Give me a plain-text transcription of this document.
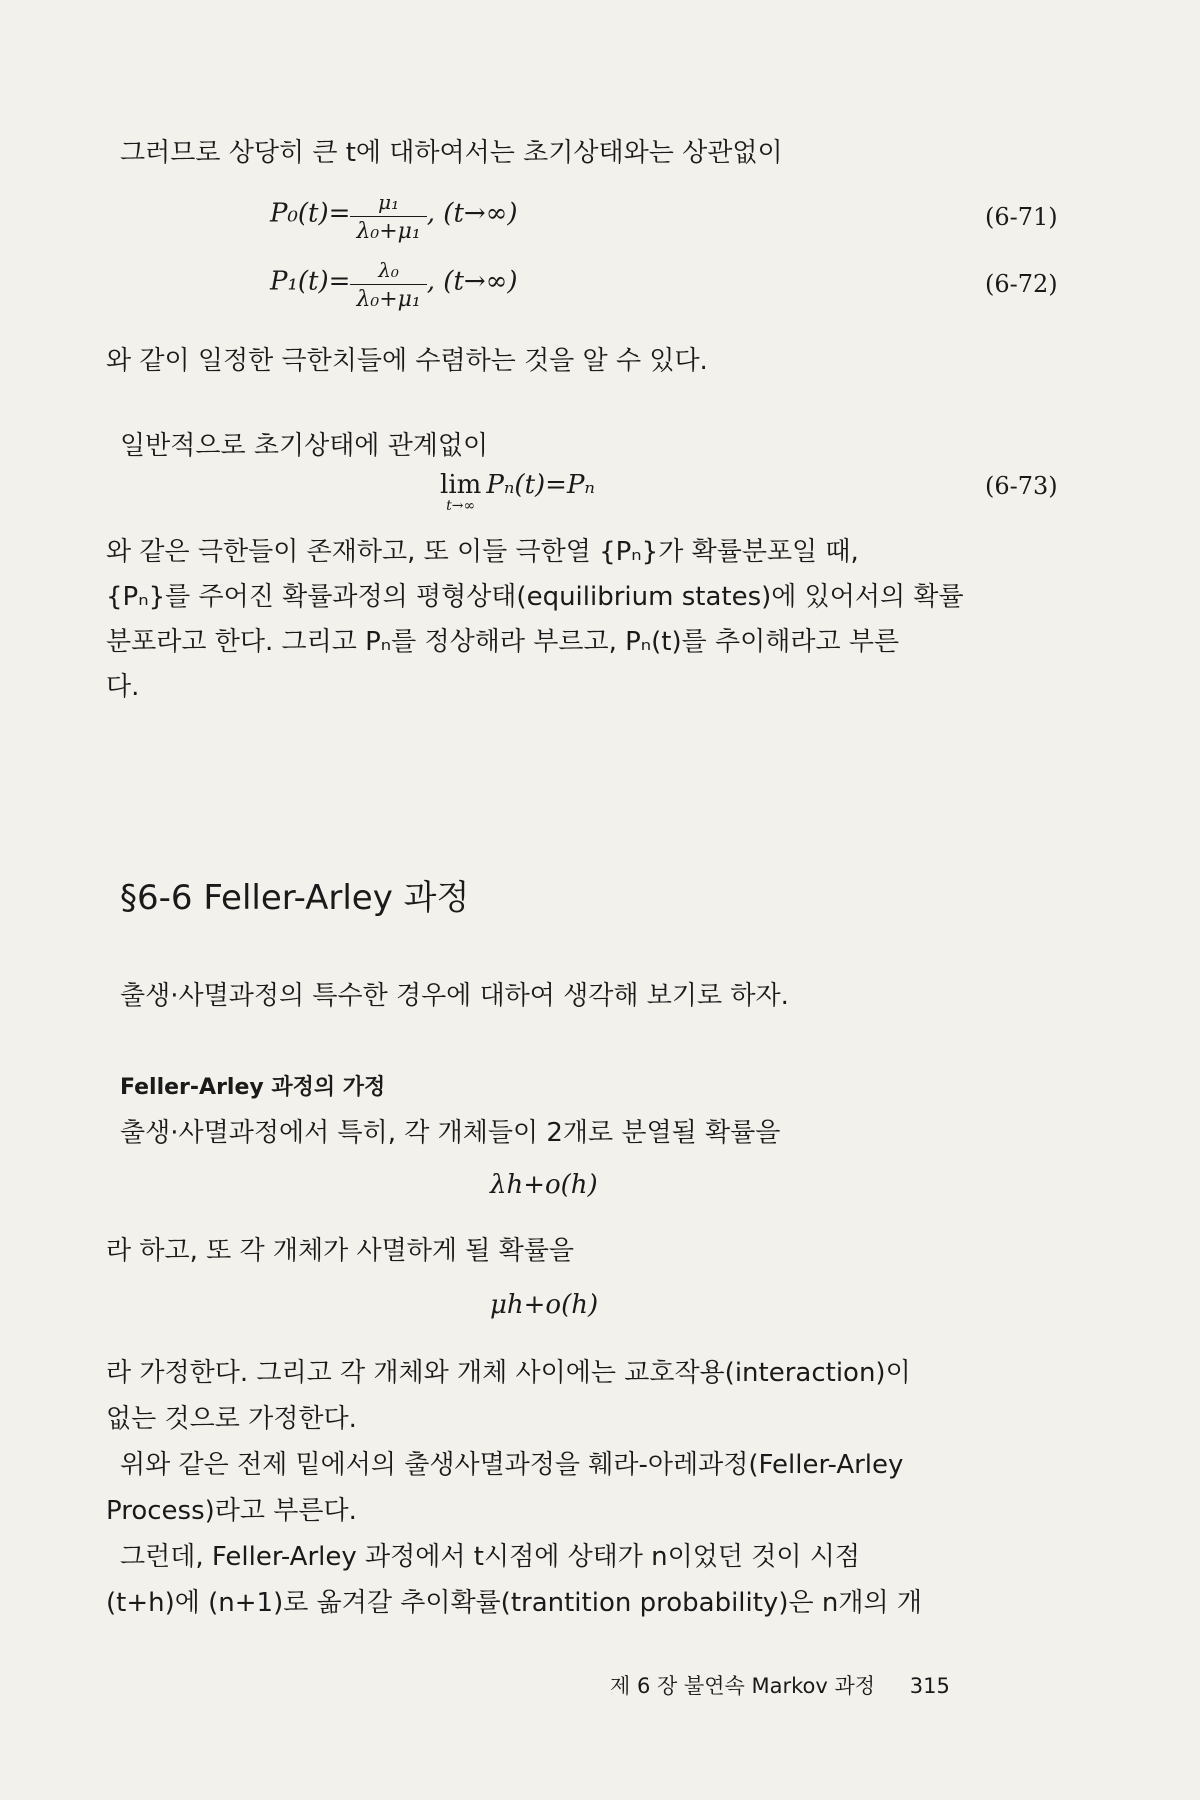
그러므로 상당히 큰 t에 대하여서는 초기상태와는 상관없이
$P_0(t)= \frac{\text{μ₁}}{\text{λ₀+μ₁}}$ , (t→∞)	(6-71)
$P_1(t)= \frac{\text{λ₀}}{\text{λ₀+μ₁}}$ , (t→∞)	(6-72)
와 같이 일정한 극한치들에 수렴하는 것을 알 수 있다.
일반적으로 초기상태에 관계없이
lim
t→∞
Pₙ(t)=Pₙ	(6-73)
와 같은 극한들이 존재하고, 또 이들 극한열 {Pₙ}가 확률분포일 때,
{Pₙ}를 주어진 확률과정의 평형상태(equilibrium states)에 있어서의 확률
분포라고 한다. 그리고 Pₙ를 정상해라 부르고, Pₙ(t)를 추이해라고 부른
다.
§6-6 Feller-Arley 과정
출생·사멸과정의 특수한 경우에 대하여 생각해 보기로 하자.
Feller-Arley 과정의 가정
출생·사멸과정에서 특히, 각 개체들이 2개로 분열될 확률을
λh+o(h)
라 하고, 또 각 개체가 사멸하게 될 확률을
μh+o(h)
라 가정한다. 그리고 각 개체와 개체 사이에는 교호작용(interaction)이
없는 것으로 가정한다.
위와 같은 전제 밑에서의 출생사멸과정을 훼라-아레과정(Feller-Arley
Process)라고 부른다.
그런데, Feller-Arley 과정에서 t시점에 상태가 n이었던 것이 시점
(t+h)에 (n+1)로 옮겨갈 추이확률(trantition probability)은 n개의 개
제 6 장 불연속 Markov 과정 315
